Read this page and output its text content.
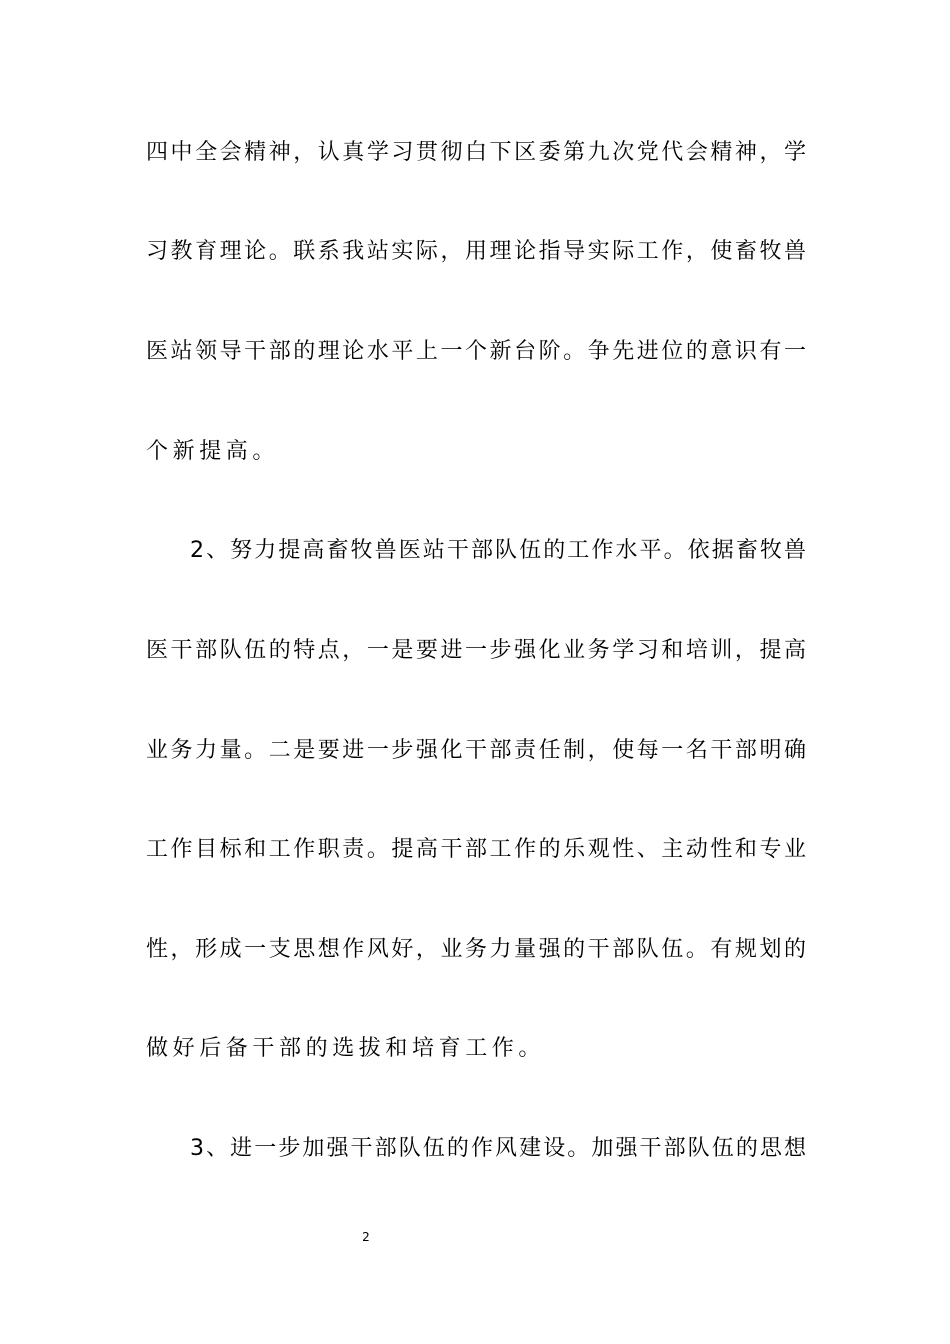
四中全会精神，认真学习贯彻白下区委第九次党代会精神，学
习教育理论。联系我站实际，用理论指导实际工作，使畜牧兽
医站领导干部的理论水平上一个新台阶。争先进位的意识有一
个新提高。
2、努力提高畜牧兽医站干部队伍的工作水平。依据畜牧兽
医干部队伍的特点，一是要进一步强化业务学习和培训，提高
业务力量。二是要进一步强化干部责任制，使每一名干部明确
工作目标和工作职责。提高干部工作的乐观性、主动性和专业
性，形成一支思想作风好，业务力量强的干部队伍。有规划的
做好后备干部的选拔和培育工作。
3、进一步加强干部队伍的作风建设。加强干部队伍的思想
2
